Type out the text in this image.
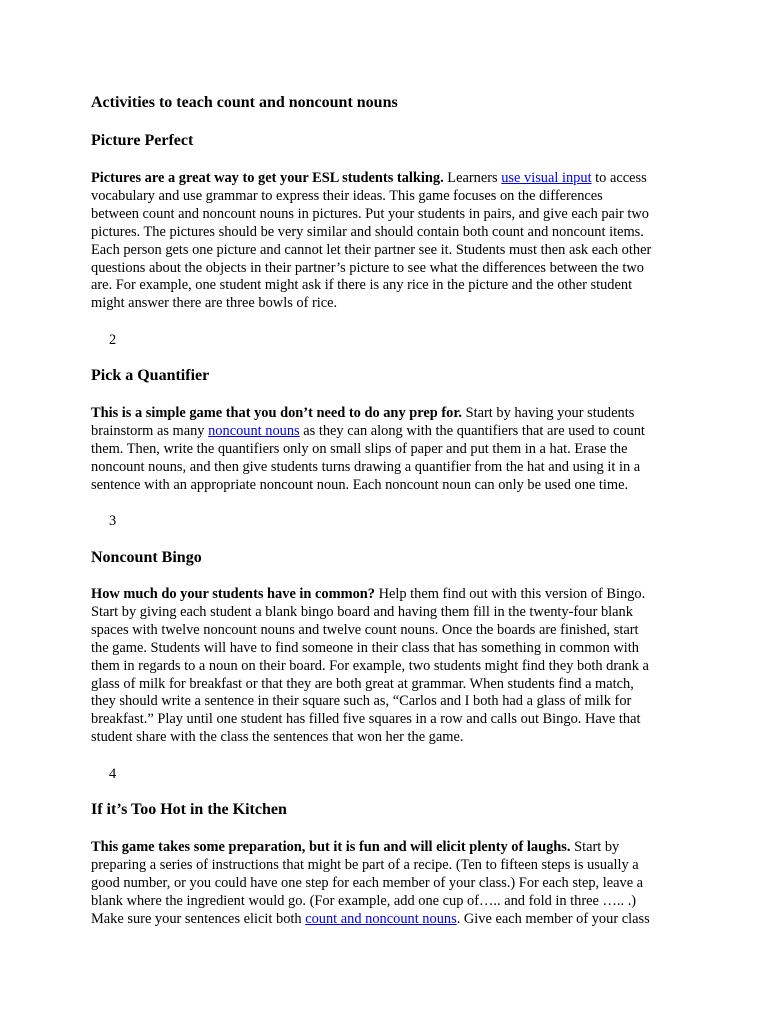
Activities to teach count and noncount nouns
Picture Perfect
Pictures are a great way to get your ESL students talking. Learners use visual input to access
vocabulary and use grammar to express their ideas. This game focuses on the differences
between count and noncount nouns in pictures. Put your students in pairs, and give each pair two
pictures. The pictures should be very similar and should contain both count and noncount items.
Each person gets one picture and cannot let their partner see it. Students must then ask each other
questions about the objects in their partner’s picture to see what the differences between the two
are. For example, one student might ask if there is any rice in the picture and the other student
might answer there are three bowls of rice.

2

Pick a Quantifier
This is a simple game that you don’t need to do any prep for. Start by having your students
brainstorm as many noncount nouns as they can along with the quantifiers that are used to count
them. Then, write the quantifiers only on small slips of paper and put them in a hat. Erase the
noncount nouns, and then give students turns drawing a quantifier from the hat and using it in a
sentence with an appropriate noncount noun. Each noncount noun can only be used one time.

3

Noncount Bingo
How much do your students have in common? Help them find out with this version of Bingo.
Start by giving each student a blank bingo board and having them fill in the twenty-four blank
spaces with twelve noncount nouns and twelve count nouns. Once the boards are finished, start
the game. Students will have to find someone in their class that has something in common with
them in regards to a noun on their board. For example, two students might find they both drank a
glass of milk for breakfast or that they are both great at grammar. When students find a match,
they should write a sentence in their square such as, “Carlos and I both had a glass of milk for
breakfast.” Play until one student has filled five squares in a row and calls out Bingo. Have that
student share with the class the sentences that won her the game.

4

If it’s Too Hot in the Kitchen
This game takes some preparation, but it is fun and will elicit plenty of laughs. Start by
preparing a series of instructions that might be part of a recipe. (Ten to fifteen steps is usually a
good number, or you could have one step for each member of your class.) For each step, leave a
blank where the ingredient would go. (For example, add one cup of….. and fold in three ….. .)
Make sure your sentences elicit both count and noncount nouns. Give each member of your class
